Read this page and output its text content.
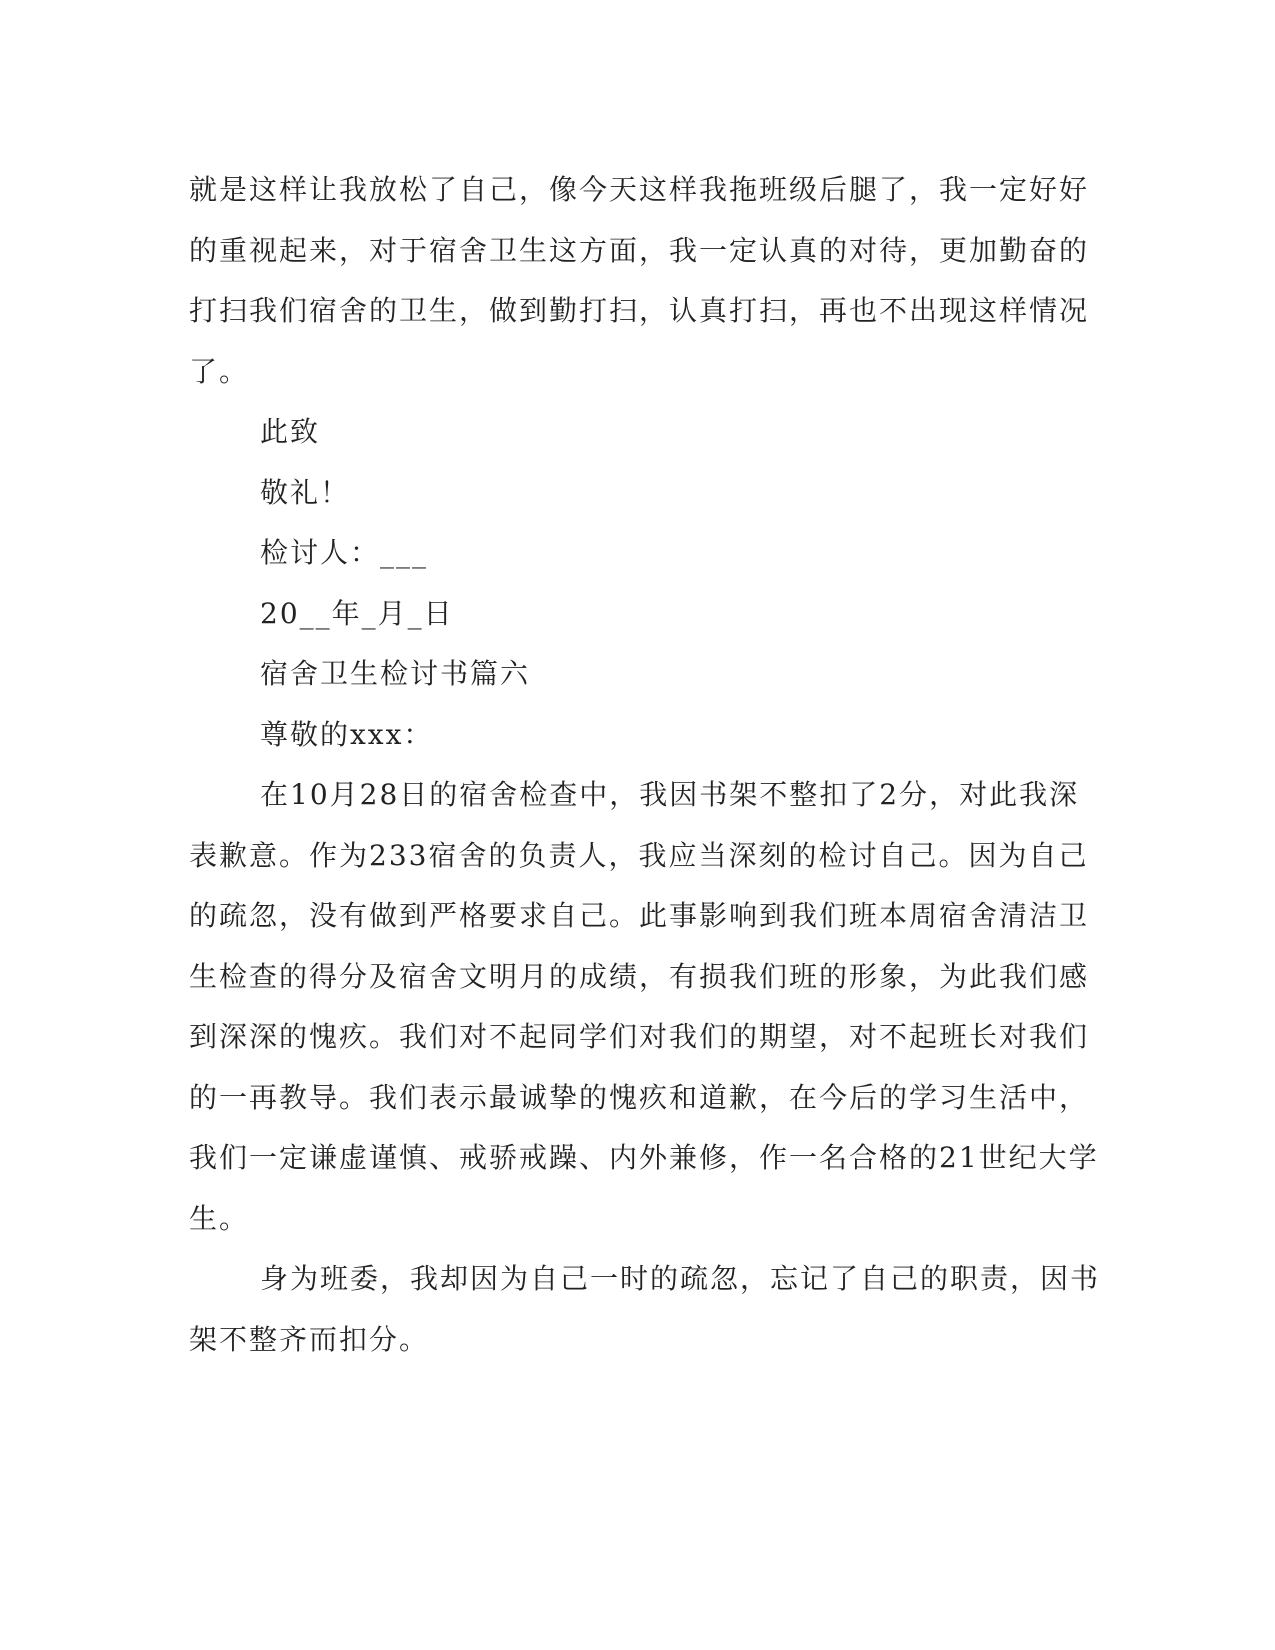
就是这样让我放松了自己，像今天这样我拖班级后腿了，我一定好好
的重视起来，对于宿舍卫生这方面，我一定认真的对待，更加勤奋的
打扫我们宿舍的卫生，做到勤打扫，认真打扫，再也不出现这样情况
了。
此致
敬礼！
检讨人：___
20__年_月_日
宿舍卫生检讨书篇六
尊敬的xxx：
在10月28日的宿舍检查中，我因书架不整扣了2分，对此我深
表歉意。作为233宿舍的负责人，我应当深刻的检讨自己。因为自己
的疏忽，没有做到严格要求自己。此事影响到我们班本周宿舍清洁卫
生检查的得分及宿舍文明月的成绩，有损我们班的形象，为此我们感
到深深的愧疚。我们对不起同学们对我们的期望，对不起班长对我们
的一再教导。我们表示最诚挚的愧疚和道歉，在今后的学习生活中，
我们一定谦虚谨慎、戒骄戒躁、内外兼修，作一名合格的21世纪大学
生。
身为班委，我却因为自己一时的疏忽，忘记了自己的职责，因书
架不整齐而扣分。
